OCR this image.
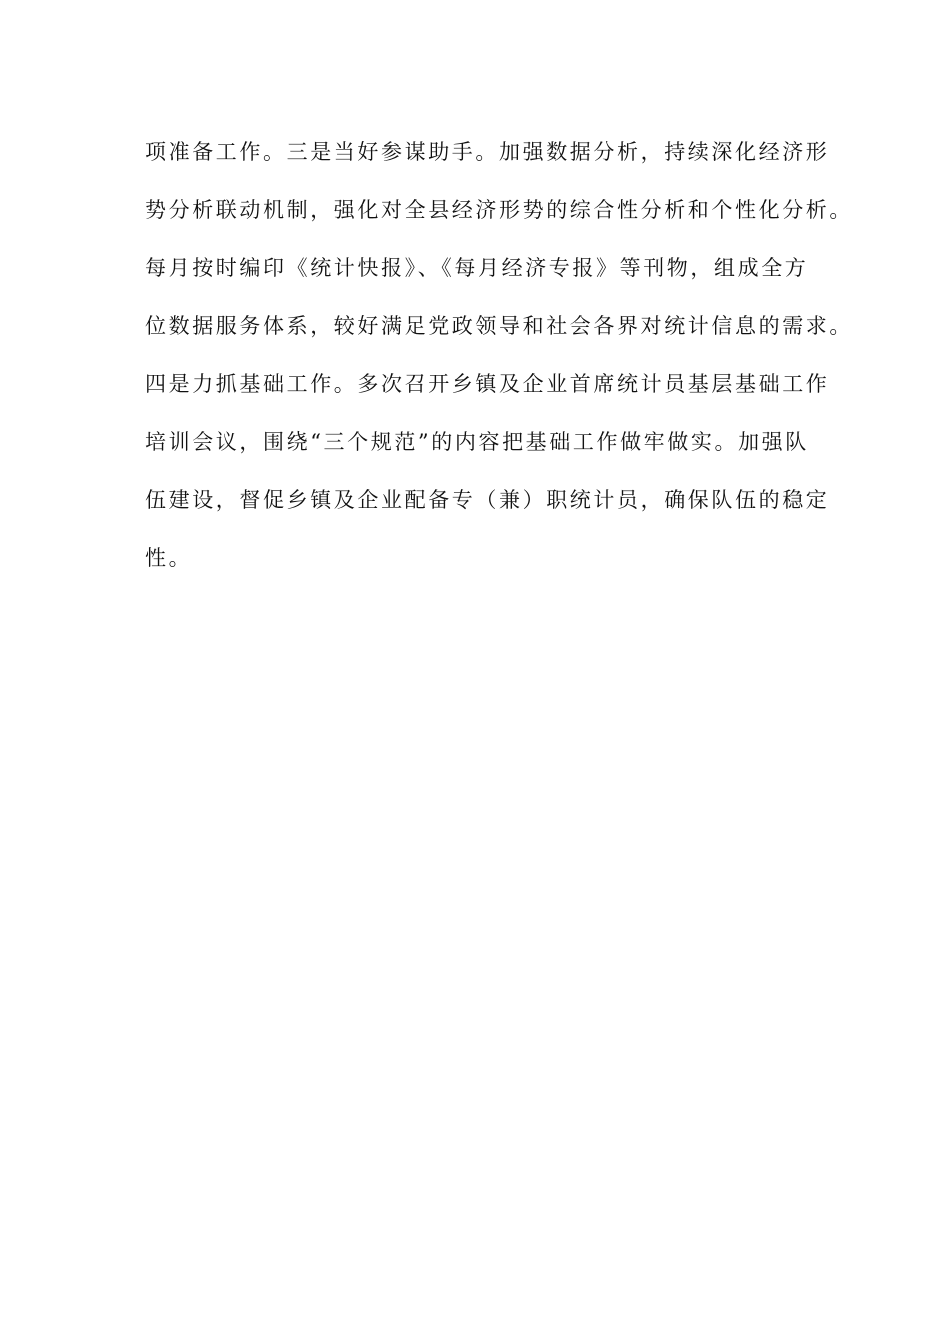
项准备工作。三是当好参谋助手。加强数据分析，持续深化经济形
势分析联动机制，强化对全县经济形势的综合性分析和个性化分析。
每月按时编印《统计快报》、《每月经济专报》等刊物，组成全方
位数据服务体系，较好满足党政领导和社会各界对统计信息的需求。
四是力抓基础工作。多次召开乡镇及企业首席统计员基层基础工作
培训会议，围绕“三个规范”的内容把基础工作做牢做实。加强队
伍建设，督促乡镇及企业配备专（兼）职统计员，确保队伍的稳定
性。
